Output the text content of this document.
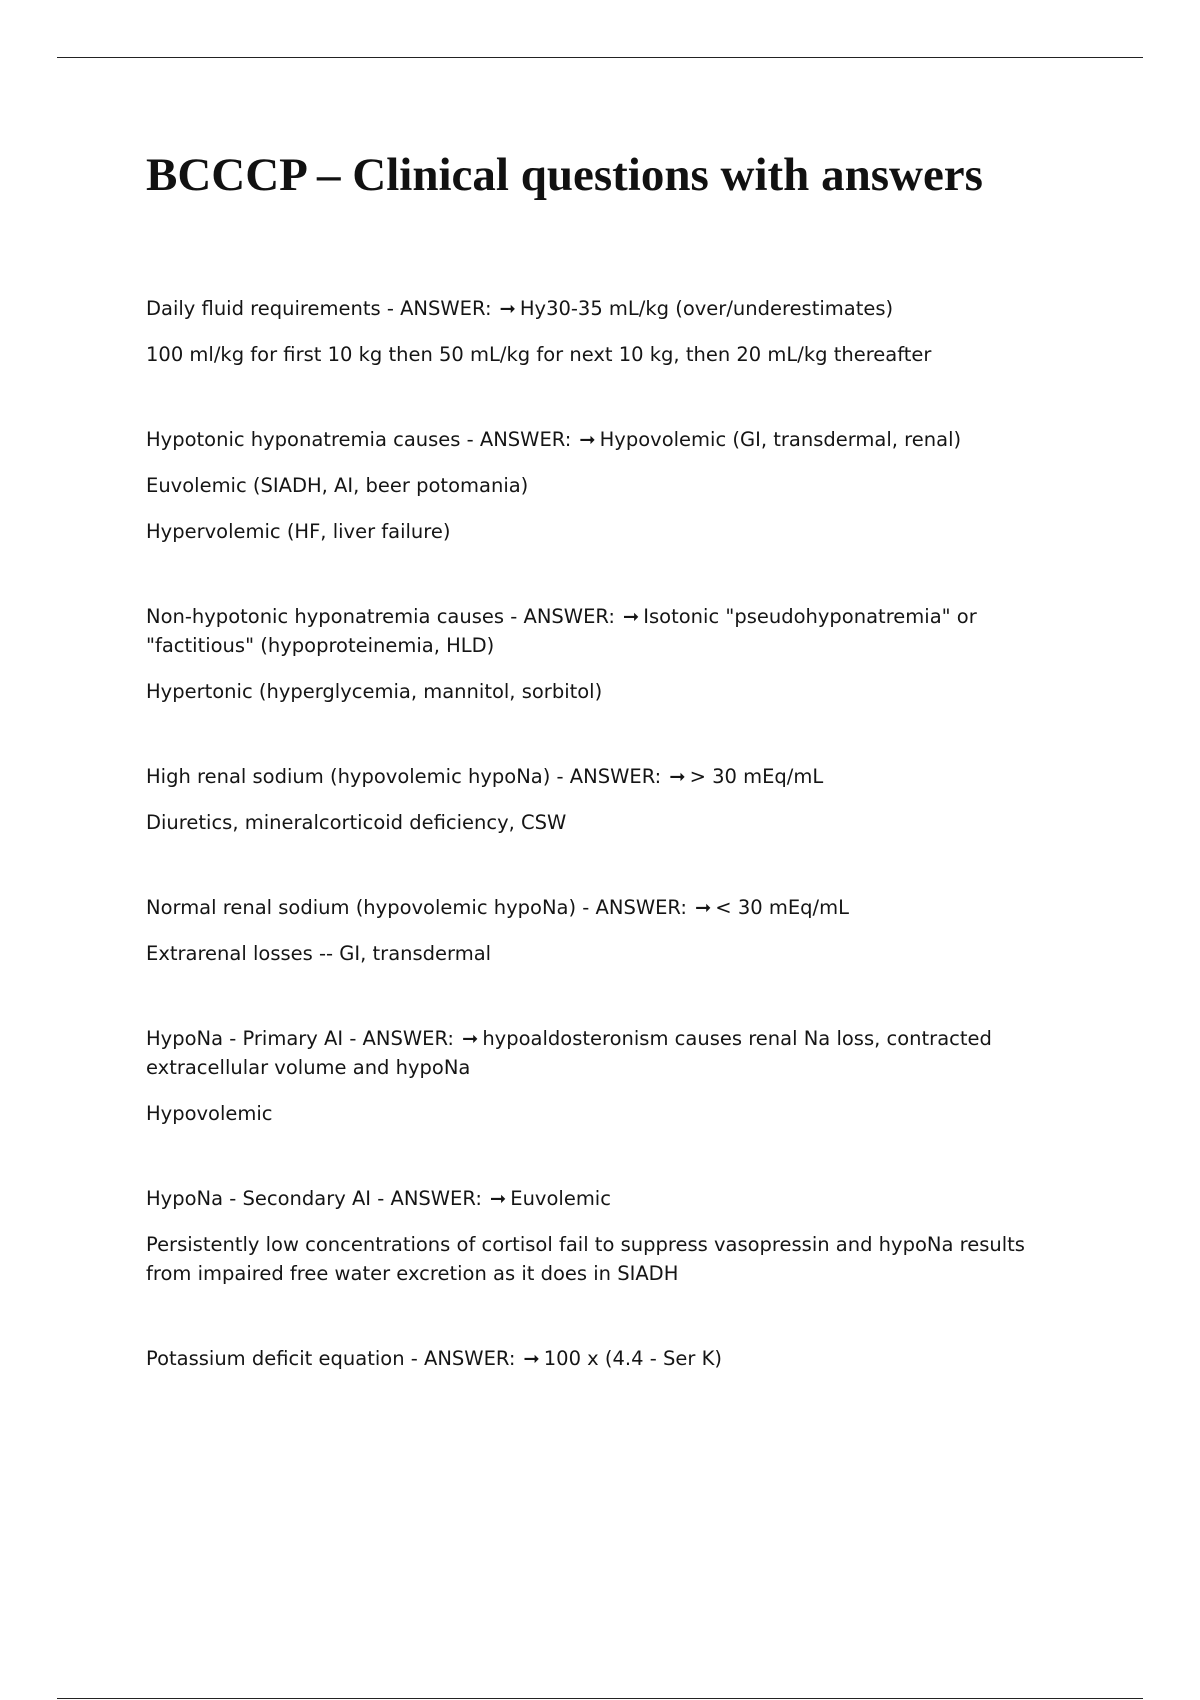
BCCCP – Clinical questions with answers

Daily fluid requirements - ANSWER: ➞ Hy30-35 mL/kg (over/underestimates)

100 ml/kg for first 10 kg then 50 mL/kg for next 10 kg, then 20 mL/kg thereafter

Hypotonic hyponatremia causes - ANSWER: ➞ Hypovolemic (GI, transdermal, renal)

Euvolemic (SIADH, AI, beer potomania)

Hypervolemic (HF, liver failure)

Non-hypotonic hyponatremia causes - ANSWER: ➞ Isotonic "pseudohyponatremia" or "factitious" (hypoproteinemia, HLD)

Hypertonic (hyperglycemia, mannitol, sorbitol)

High renal sodium (hypovolemic hypoNa) - ANSWER: ➞ > 30 mEq/mL

Diuretics, mineralcorticoid deficiency, CSW

Normal renal sodium (hypovolemic hypoNa) - ANSWER: ➞ < 30 mEq/mL

Extrarenal losses -- GI, transdermal

HypoNa - Primary AI - ANSWER: ➞ hypoaldosteronism causes renal Na loss, contracted extracellular volume and hypoNa

Hypovolemic

HypoNa - Secondary AI - ANSWER: ➞ Euvolemic

Persistently low concentrations of cortisol fail to suppress vasopressin and hypoNa results from impaired free water excretion as it does in SIADH

Potassium deficit equation - ANSWER: ➞ 100 x (4.4 - Ser K)
